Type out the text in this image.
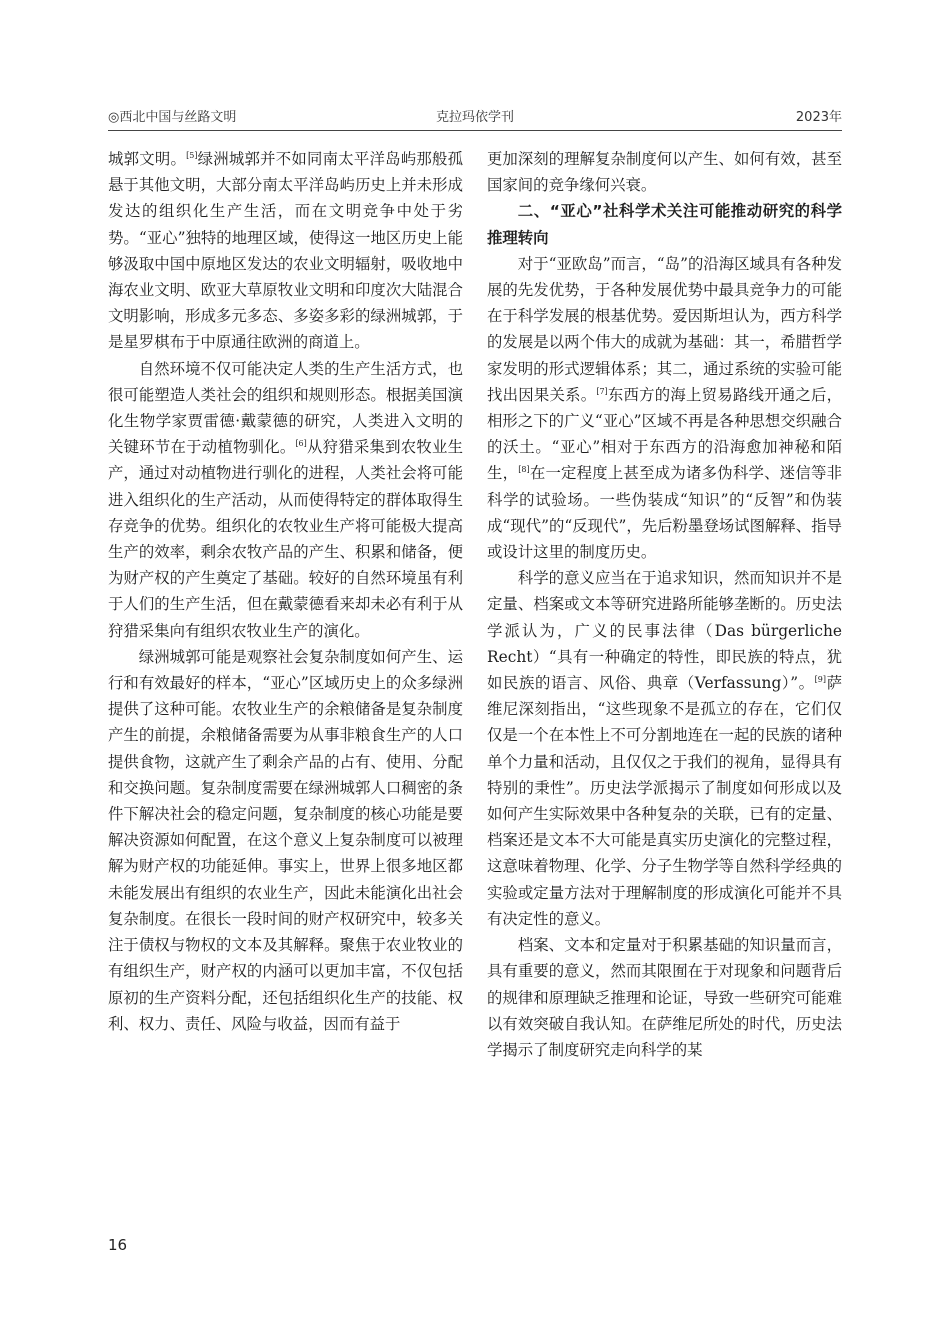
◎西北中国与丝路文明	克拉玛依学刊	2023年

城郭文明。[5]绿洲城郭并不如同南太平洋岛屿那般孤悬于其他文明，大部分南太平洋岛屿历史上并未形成发达的组织化生产生活，而在文明竞争中处于劣势。“亚心”独特的地理区域，使得这一地区历史上能够汲取中国中原地区发达的农业文明辐射，吸收地中海农业文明、欧亚大草原牧业文明和印度次大陆混合文明影响，形成多元多态、多姿多彩的绿洲城郭，于是星罗棋布于中原通往欧洲的商道上。

自然环境不仅可能决定人类的生产生活方式，也很可能塑造人类社会的组织和规则形态。根据美国演化生物学家贾雷德·戴蒙德的研究，人类进入文明的关键环节在于动植物驯化。[6]从狩猎采集到农牧业生产，通过对动植物进行驯化的进程，人类社会将可能进入组织化的生产活动，从而使得特定的群体取得生存竞争的优势。组织化的农牧业生产将可能极大提高生产的效率，剩余农牧产品的产生、积累和储备，便为财产权的产生奠定了基础。较好的自然环境虽有利于人们的生产生活，但在戴蒙德看来却未必有利于从狩猎采集向有组织农牧业生产的演化。

绿洲城郭可能是观察社会复杂制度如何产生、运行和有效最好的样本，“亚心”区域历史上的众多绿洲提供了这种可能。农牧业生产的余粮储备是复杂制度产生的前提，余粮储备需要为从事非粮食生产的人口提供食物，这就产生了剩余产品的占有、使用、分配和交换问题。复杂制度需要在绿洲城郭人口稠密的条件下解决社会的稳定问题，复杂制度的核心功能是要解决资源如何配置，在这个意义上复杂制度可以被理解为财产权的功能延伸。事实上，世界上很多地区都未能发展出有组织的农业生产，因此未能演化出社会复杂制度。在很长一段时间的财产权研究中，较多关注于债权与物权的文本及其解释。聚焦于农业牧业的有组织生产，财产权的内涵可以更加丰富，不仅包括原初的生产资料分配，还包括组织化生产的技能、权利、权力、责任、风险与收益，因而有益于

更加深刻的理解复杂制度何以产生、如何有效，甚至国家间的竞争缘何兴衰。

二、“亚心”社科学术关注可能推动研究的科学推理转向

对于“亚欧岛”而言，“岛”的沿海区域具有各种发展的先发优势，于各种发展优势中最具竞争力的可能在于科学发展的根基优势。爱因斯坦认为，西方科学的发展是以两个伟大的成就为基础：其一，希腊哲学家发明的形式逻辑体系；其二，通过系统的实验可能找出因果关系。[7]东西方的海上贸易路线开通之后，相形之下的广义“亚心”区域不再是各种思想交织融合的沃土。“亚心”相对于东西方的沿海愈加神秘和陌生，[8]在一定程度上甚至成为诸多伪科学、迷信等非科学的试验场。一些伪装成“知识”的“反智”和伪装成“现代”的“反现代”，先后粉墨登场试图解释、指导或设计这里的制度历史。

科学的意义应当在于追求知识，然而知识并不是定量、档案或文本等研究进路所能够垄断的。历史法学派认为，广义的民事法律（Das bürgerliche Recht）“具有一种确定的特性，即民族的特点，犹如民族的语言、风俗、典章（Verfassung）”。[9]萨维尼深刻指出，“这些现象不是孤立的存在，它们仅仅是一个在本性上不可分割地连在一起的民族的诸种单个力量和活动，且仅仅之于我们的视角，显得具有特别的秉性”。历史法学派揭示了制度如何形成以及如何产生实际效果中各种复杂的关联，已有的定量、档案还是文本不大可能是真实历史演化的完整过程，这意味着物理、化学、分子生物学等自然科学经典的实验或定量方法对于理解制度的形成演化可能并不具有决定性的意义。

档案、文本和定量对于积累基础的知识量而言，具有重要的意义，然而其限囿在于对现象和问题背后的规律和原理缺乏推理和论证，导致一些研究可能难以有效突破自我认知。在萨维尼所处的时代，历史法学揭示了制度研究走向科学的某

16
